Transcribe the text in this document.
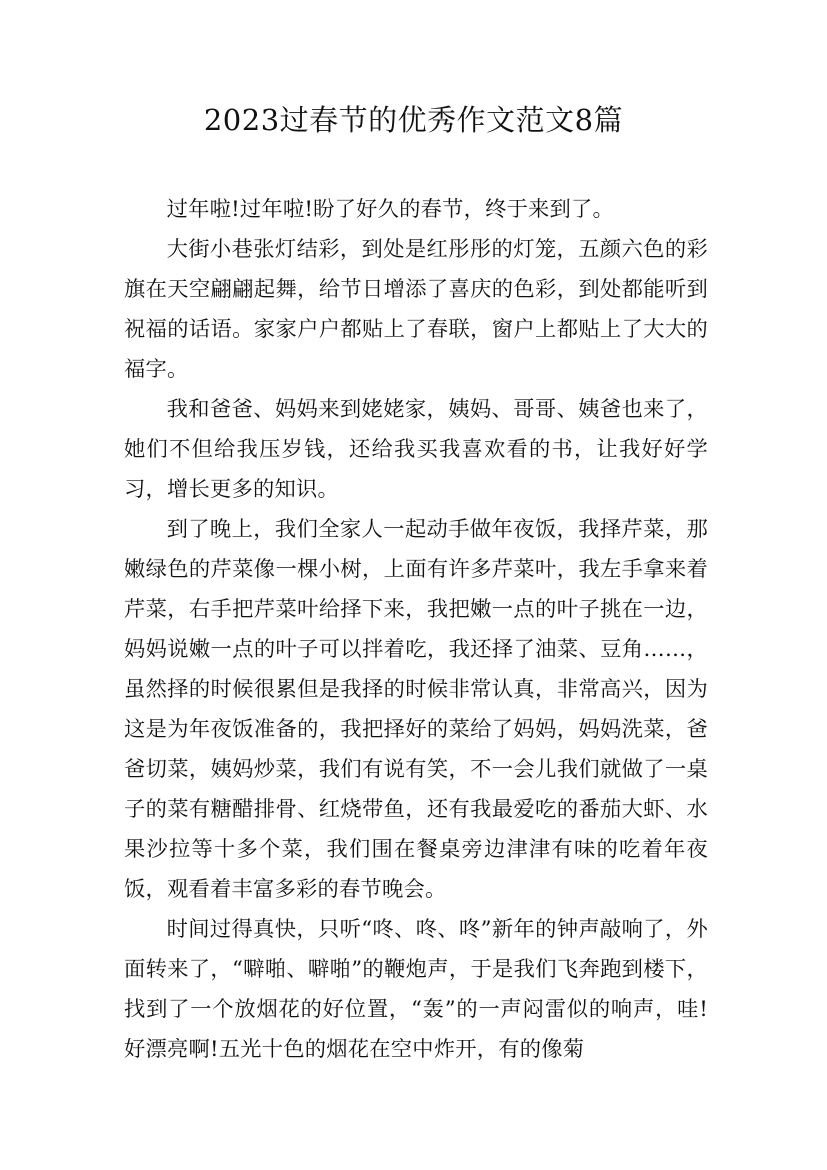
2023过春节的优秀作文范文8篇

过年啦!过年啦!盼了好久的春节，终于来到了。

大街小巷张灯结彩，到处是红彤彤的灯笼，五颜六色的彩旗在天空翩翩起舞，给节日增添了喜庆的色彩，到处都能听到祝福的话语。家家户户都贴上了春联，窗户上都贴上了大大的福字。

我和爸爸、妈妈来到姥姥家，姨妈、哥哥、姨爸也来了，她们不但给我压岁钱，还给我买我喜欢看的书，让我好好学习，增长更多的知识。

到了晚上，我们全家人一起动手做年夜饭，我择芹菜，那嫩绿色的芹菜像一棵小树，上面有许多芹菜叶，我左手拿来着芹菜，右手把芹菜叶给择下来，我把嫩一点的叶子挑在一边，妈妈说嫩一点的叶子可以拌着吃，我还择了油菜、豆角……，虽然择的时候很累但是我择的时候非常认真，非常高兴，因为这是为年夜饭准备的，我把择好的菜给了妈妈，妈妈洗菜，爸爸切菜，姨妈炒菜，我们有说有笑，不一会儿我们就做了一桌子的菜有糖醋排骨、红烧带鱼，还有我最爱吃的番茄大虾、水果沙拉等十多个菜，我们围在餐桌旁边津津有味的吃着年夜饭，观看着丰富多彩的春节晚会。

时间过得真快，只听“咚、咚、咚”新年的钟声敲响了，外面转来了，“噼啪、噼啪”的鞭炮声，于是我们飞奔跑到楼下，找到了一个放烟花的好位置，“轰”的一声闷雷似的响声，哇!好漂亮啊!五光十色的烟花在空中炸开，有的像菊
